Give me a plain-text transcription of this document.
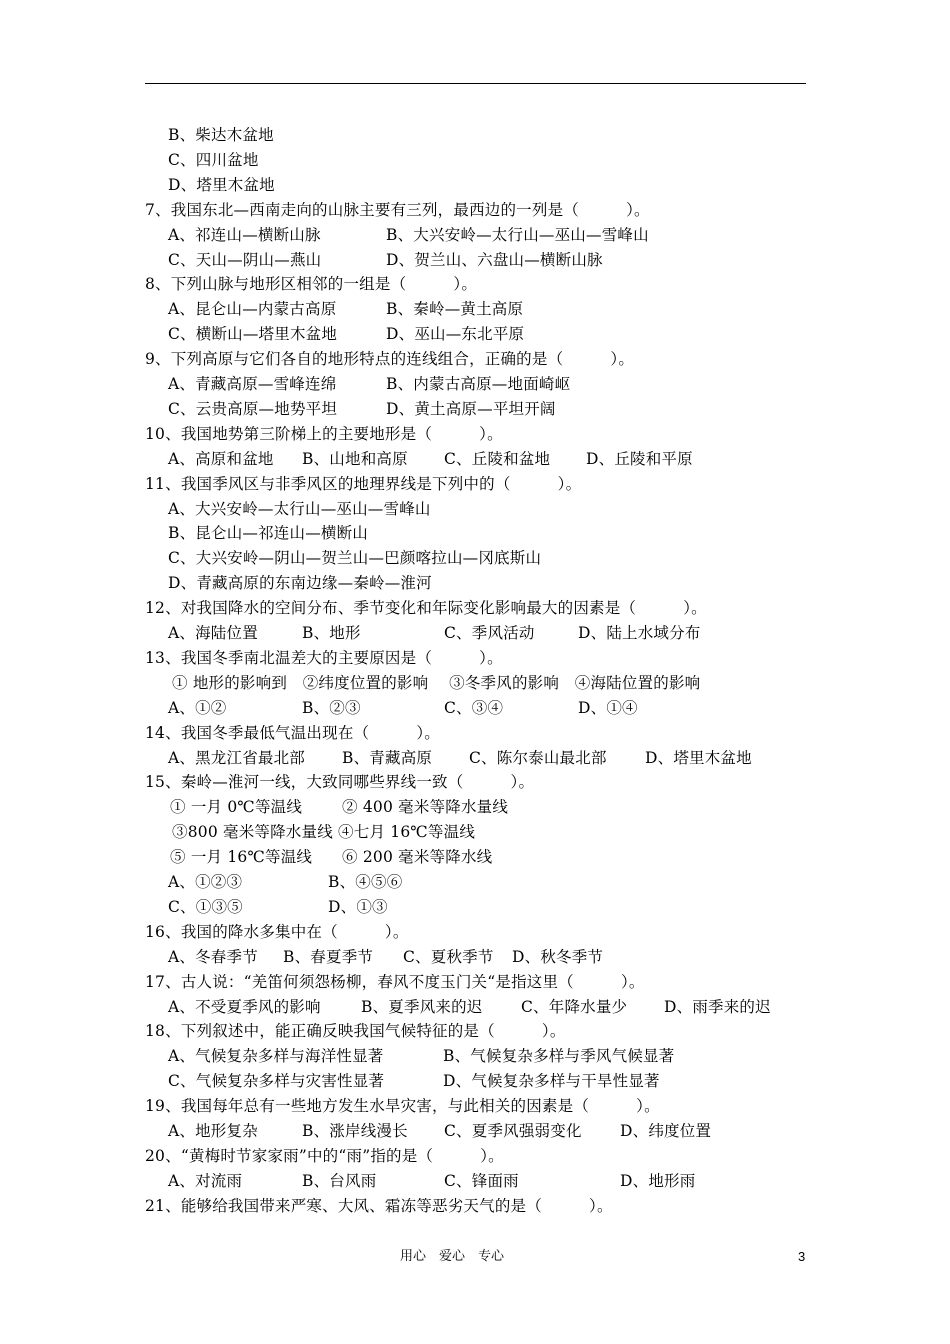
B、柴达木盆地
C、四川盆地
D、塔里木盆地
7、我国东北—西南走向的山脉主要有三列，最西边的一列是（　　　）。
A、祁连山—横断山脉	B、大兴安岭—太行山—巫山—雪峰山
C、天山—阴山—燕山	D、贺兰山、六盘山—横断山脉
8、下列山脉与地形区相邻的一组是（　　　）。
A、昆仑山—内蒙古高原	B、秦岭—黄土高原
C、横断山—塔里木盆地	D、巫山—东北平原
9、下列高原与它们各自的地形特点的连线组合，正确的是（　　　）。
A、青藏高原—雪峰连绵	B、内蒙古高原—地面崎岖
C、云贵高原—地势平坦	D、黄土高原—平坦开阔
10、我国地势第三阶梯上的主要地形是（　　　）。
A、高原和盆地 B、山地和高原 C、丘陵和盆地 D、丘陵和平原
11、我国季风区与非季风区的地理界线是下列中的（　　　）。
A、大兴安岭—太行山—巫山—雪峰山
B、昆仑山—祁连山—横断山
C、大兴安岭—阴山—贺兰山—巴颜喀拉山—冈底斯山
D、青藏高原的东南边缘—秦岭—淮河
12、对我国降水的空间分布、季节变化和年际变化影响最大的因素是（　　　）。
A、海陆位置	B、地形	C、季风活动	D、陆上水域分布
13、我国冬季南北温差大的主要原因是（　　　）。
① 地形的影响到　②纬度位置的影响　 ③冬季风的影响　④海陆位置的影响
A、①②	B、②③	C、③④	D、①④
14、我国冬季最低气温出现在（　　　）。
A、黑龙江省最北部 B、青藏高原 C、陈尔泰山最北部 D、塔里木盆地
15、秦岭—淮河一线，大致同哪些界线一致（　　　）。
① 一月 0℃等温线	② 400 毫米等降水量线
③800 毫米等降水量线 ④七月 16℃等温线
⑤ 一月 16℃等温线 ⑥ 200 毫米等降水线
A、①②③	B、④⑤⑥
C、①③⑤	D、①③
16、我国的降水多集中在（　　　）。
A、冬春季节 B、春夏季节 C、夏秋季节 D、秋冬季节
17、古人说：“羌笛何须怨杨柳，春风不度玉门关“是指这里（　　　）。
A、不受夏季风的影响	B、夏季风来的迟 C、年降水量少 D、雨季来的迟
18、下列叙述中，能正确反映我国气候特征的是（　　　）。
A、气候复杂多样与海洋性显著	B、气候复杂多样与季风气候显著
C、气候复杂多样与灾害性显著	D、气候复杂多样与干旱性显著
19、我国每年总有一些地方发生水旱灾害，与此相关的因素是（　　　）。
A、地形复杂	B、涨岸线漫长 C、夏季风强弱变化 D、纬度位置
20、“黄梅时节家家雨”中的“雨”指的是（　　　）。
A、对流雨	B、台风雨	C、锋面雨	D、地形雨
21、能够给我国带来严寒、大风、霜冻等恶劣天气的是（　　　）。
用心　爱心　专心	3
